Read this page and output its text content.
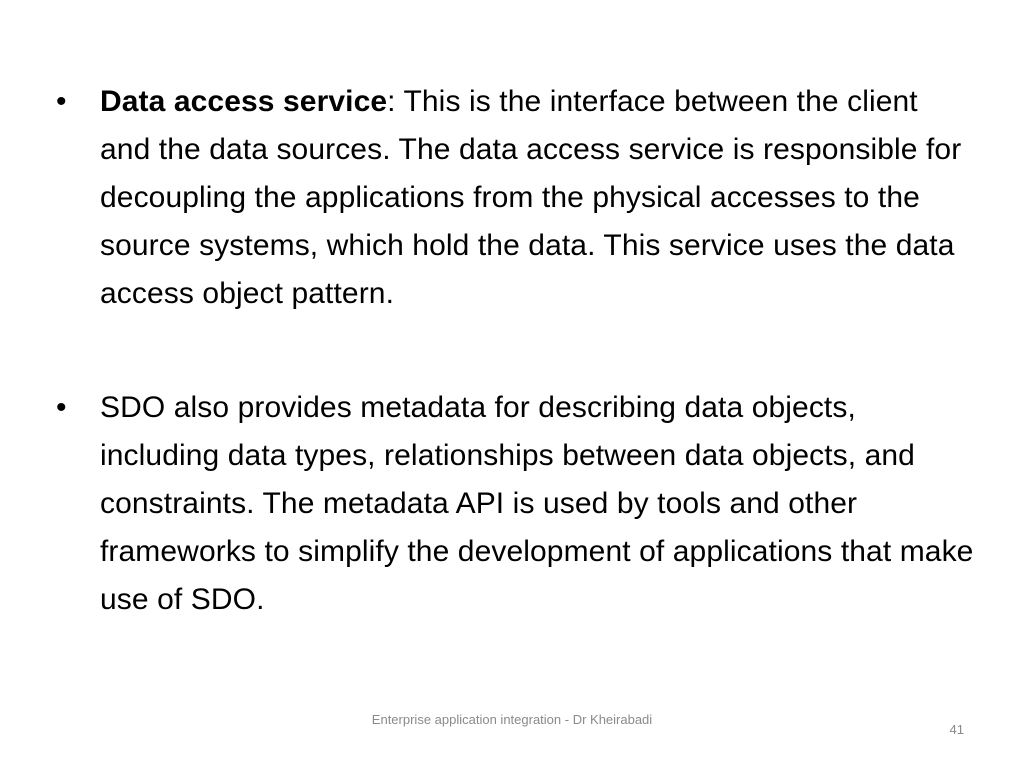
•	Data access service: This is the interface between the client and the data sources. The data access service is responsible for decoupling the applications from the physical accesses to the source systems, which hold the data. This service uses the data access object pattern.

•	SDO also provides metadata for describing data objects, including data types, relationships between data objects, and constraints. The metadata API is used by tools and other frameworks to simplify the development of applications that make use of SDO.

Enterprise application integration - Dr Kheirabadi
41
